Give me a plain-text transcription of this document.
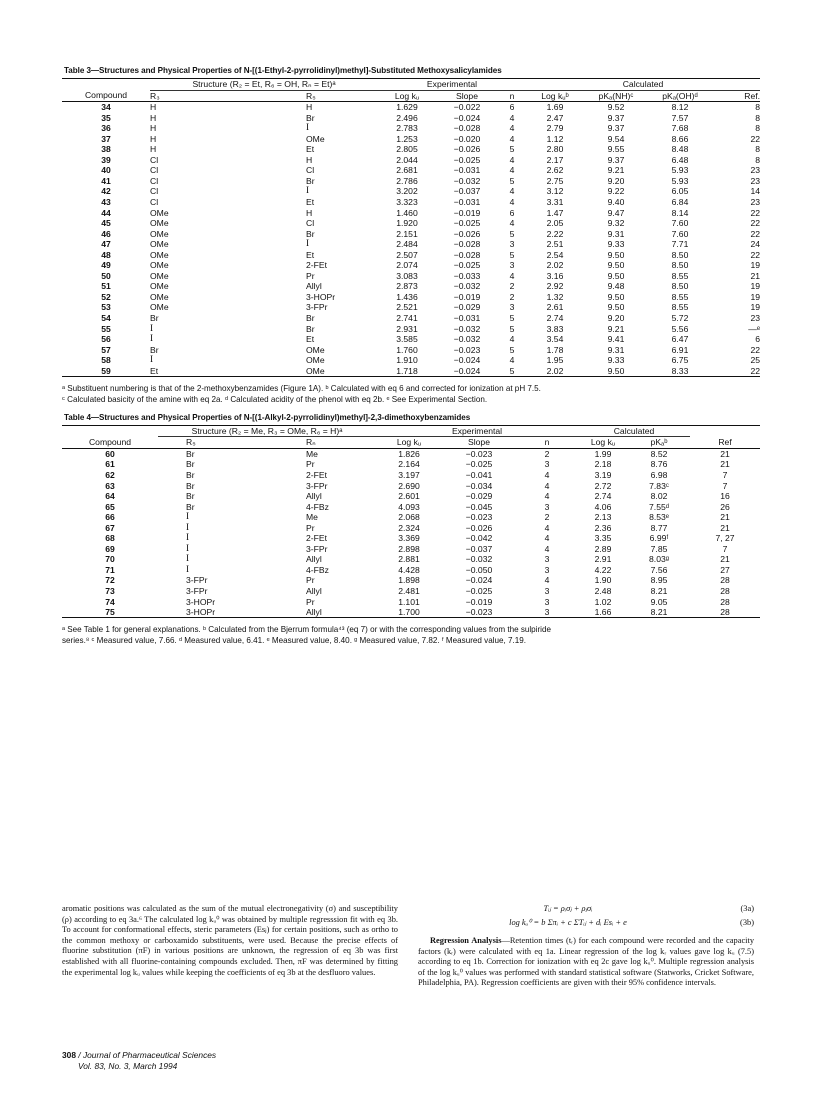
Table 3—Structures and Physical Properties of N-[(1-Ethyl-2-pyrrolidinyl)methyl]-Substituted Methoxysalicylamides
	Structure (R₂ = Et, R₆ = OH, Rₙ = Et)ᵃ		Experimental			Calculated			
Compound	R₃	R₅	Log kᵤ	Slope	n	Log kᵤᵇ	pKₐ(NH)ᶜ	pKₐ(OH)ᵈ	Ref.
34	H	H	1.629	−0.022	6	1.69	9.52	8.12	8
35	H	Br	2.496	−0.024	4	2.47	9.37	7.57	8
36	H	I	2.783	−0.028	4	2.79	9.37	7.68	8
37	H	OMe	1.253	−0.020	4	1.12	9.54	8.66	22
38	H	Et	2.805	−0.026	5	2.80	9.55	8.48	8
39	Cl	H	2.044	−0.025	4	2.17	9.37	6.48	8
40	Cl	Cl	2.681	−0.031	4	2.62	9.21	5.93	23
41	Cl	Br	2.786	−0.032	5	2.75	9.20	5.93	23
42	Cl	I	3.202	−0.037	4	3.12	9.22	6.05	14
43	Cl	Et	3.323	−0.031	4	3.31	9.40	6.84	23
44	OMe	H	1.460	−0.019	6	1.47	9.47	8.14	22
45	OMe	Cl	1.920	−0.025	4	2.05	9.32	7.60	22
46	OMe	Br	2.151	−0.026	5	2.22	9.31	7.60	22
47	OMe	I	2.484	−0.028	3	2.51	9.33	7.71	24
48	OMe	Et	2.507	−0.028	5	2.54	9.50	8.50	22
49	OMe	2-FEt	2.074	−0.025	3	2.02	9.50	8.50	19
50	OMe	Pr	3.083	−0.033	4	3.16	9.50	8.55	21
51	OMe	Allyl	2.873	−0.032	2	2.92	9.48	8.50	19
52	OMe	3-HOPr	1.436	−0.019	2	1.32	9.50	8.55	19
53	OMe	3-FPr	2.521	−0.029	3	2.61	9.50	8.55	19
54	Br	Br	2.741	−0.031	5	2.74	9.20	5.72	23
55	I	Br	2.931	−0.032	5	3.83	9.21	5.56	—ᵉ
56	I	Et	3.585	−0.032	4	3.54	9.41	6.47	6
57	Br	OMe	1.760	−0.023	5	1.78	9.31	6.91	22
58	I	OMe	1.910	−0.024	4	1.95	9.33	6.75	25
59	Et	OMe	1.718	−0.024	5	2.02	9.50	8.33	22
ᵃ Substituent numbering is that of the 2-methoxybenzamides (Figure 1A). ᵇ Calculated with eq 6 and corrected for ionization at pH 7.5.
ᶜ Calculated basicity of the amine with eq 2a. ᵈ Calculated acidity of the phenol with eq 2b. ᵉ See Experimental Section.
Table 4—Structures and Physical Properties of N-[(1-Alkyl-2-pyrrolidinyl)methyl]-2,3-dimethoxybenzamides
	Structure (R₂ = Me, R₃ = OMe, R₆ = H)ᵃ		Experimental			Calculated		
Compound	R₅	Rₙ	Log kᵤ	Slope	n	Log kᵤ	pKₐᵇ	Ref
60	Br	Me	1.826	−0.023	2	1.99	8.52	21
61	Br	Pr	2.164	−0.025	3	2.18	8.76	21
62	Br	2-FEt	3.197	−0.041	4	3.19	6.98	7
63	Br	3-FPr	2.690	−0.034	4	2.72	7.83ᶜ	7
64	Br	Allyl	2.601	−0.029	4	2.74	8.02	16
65	Br	4-FBz	4.093	−0.045	3	4.06	7.55ᵈ	26
66	I	Me	2.068	−0.023	2	2.13	8.53ᵉ	21
67	I	Pr	2.324	−0.026	4	2.36	8.77	21
68	I	2-FEt	3.369	−0.042	4	3.35	6.99ᶠ	7, 27
69	I	3-FPr	2.898	−0.037	4	2.89	7.85	7
70	I	Allyl	2.881	−0.032	3	2.91	8.03ᵍ	21
71	I	4-FBz	4.428	−0.050	3	4.22	7.56	27
72	3-FPr	Pr	1.898	−0.024	4	1.90	8.95	28
73	3-FPr	Allyl	2.481	−0.025	3	2.48	8.21	28
74	3-HOPr	Pr	1.101	−0.019	3	1.02	9.05	28
75	3-HOPr	Allyl	1.700	−0.023	3	1.66	8.21	28
ᵃ See Table 1 for general explanations. ᵇ Calculated from the Bjerrum formula⁴³ (eq 7) or with the corresponding values from the sulpiride
series.⁸ ᶜ Measured value, 7.66. ᵈ Measured value, 6.41. ᵉ Measured value, 8.40. ᵍ Measured value, 7.82. ᶠ Measured value, 7.19.
aromatic positions was calculated as the sum of the mutual electronegativity (σ) and susceptibility (ρ) according to eq 3a.⁶ The calculated log kᵤ⁰ was obtained by multiple regresssion fit with eq 3b. To account for conformational effects, steric parameters (Esⱼ) for certain positions, such as ortho to the common methoxy or carboxamido substituents, were used. Because the precise effects of fluorine substitution (πF) in various positions are unknown, the regression of eq 3b was first established with all fluorine-containing compounds excluded. Then, πF was determined by fitting the experimental log kᵤ values while keeping the coefficients of eq 3b at the desfluoro values.
Tᵢⱼ = ρᵢσⱼ + ρⱼσᵢ	(3a)
log kᵤ⁰ = b Σπᵢ + c ΣTᵢⱼ + dᵢ Esᵢ + e	(3b)
Regression Analysis—Retention times (tᵣ) for each compound were recorded and the capacity factors (kᵣ) were calculated with eq 1a. Linear regression of the log kᵣ values gave log kᵤ (7.5) according to eq 1b. Correction for ionization with eq 2c gave log kᵤ⁰. Multiple regression analysis of the log kᵤ⁰ values was performed with standard statistical software (Statworks, Cricket Software, Philadelphia, PA). Regression coefficients are given with their 95% confidence intervals.
308 / Journal of Pharmaceutical Sciences
Vol. 83, No. 3, March 1994
